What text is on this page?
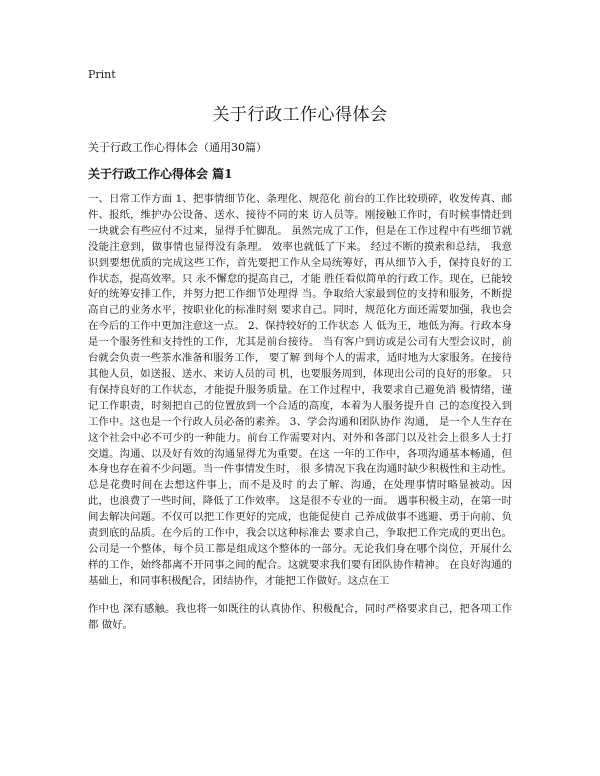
Print
关于行政工作心得体会
关于行政工作心得体会（通用30篇）
关于行政工作心得体会 篇1

一、日常工作方面 1、把事情细节化、条理化、规范化 前台的工作比较琐碎，收发传真、邮件、报纸，维护办公设备、送水、接待不同的来 访人员等。刚接触工作时，有时候事情赶到一块就会有些应付不过来，显得手忙脚乱。 虽然完成了工作，但是在工作过程中有些细节就没能注意到，做事情也显得没有条理。 效率也就低了下来。 经过不断的摸索和总结， 我意识到要想优质的完成这些工作，首先要把工作从全局统筹好，再从细节入手，保持良好的工作状态，提高效率。只 永不懈怠的提高自己，才能 胜任看似简单的行政工作。现在，已能较好的统筹安排工作，并努力把工作细节处理得 当。争取给大家最到位的支持和服务，不断提高自己的业务水平，按职业化的标准时刻 要求自己。同时，规范化方面还需要加强，我也会在今后的工作中更加注意这一点。 2、保持较好的工作状态 人 低为王，地低为海。行政本身是一个服务性和支持性的工作，尤其是前台接待。 当有客户到访或是公司有大型会议时，前台就会负责一些茶水准备和服务工作， 要了解 到每个人的需求，适时地为大家服务。在接待其他人员，如送报、送水、来访人员的司 机，也要服务周到，体现出公司的良好的形象。 只有保持良好的工作状态，才能提升服务质量。在工作过程中，我要求自己避免消 极情绪，谨记工作职责，时刻把自己的位置放到一个合适的高度，本着为人服务提升自 己的态度投入到工作中。这也是一个行政人员必备的素养。 3、学会沟通和团队协作 沟通， 是一个人生存在这个社会中必不可少的一种能力。前台工作需要对内、对外和各部门以及社会上很多人士打交道。沟通、以及好有效的沟通显得尤为重要。在这 一年的工作中，各项沟通基本畅通，但本身也存在着不少问题。当一件事情发生时， 很 多情况下我在沟通时缺少积极性和主动性。总是花费时间在去想这件事上，而不是及时 的去了解、沟通，在处理事情时略显被动。因此，也浪费了一些时间，降低了工作效率。 这是很不专业的一面。 遇事积极主动，在第一时间去解决问题。不仅可以把工作更好的完成，也能促使自 己养成做事不逃避、勇于向前、负责到底的品质。在今后的工作中，我会以这种标准去 要求自己，争取把工作完成的更出色。 公司是一个整体，每个员工都是组成这个整体的一部分。无论我们身在哪个岗位，开展什么样的工作，始终都离不开同事之间的配合。这就要求我们要有团队协作精神。 在良好沟通的基础上，和同事积极配合，团结协作，才能把工作做好。这点在工

作中也 深有感触。我也将一如既往的认真协作、积极配合，同时严格要求自己，把各项工作都 做好。
